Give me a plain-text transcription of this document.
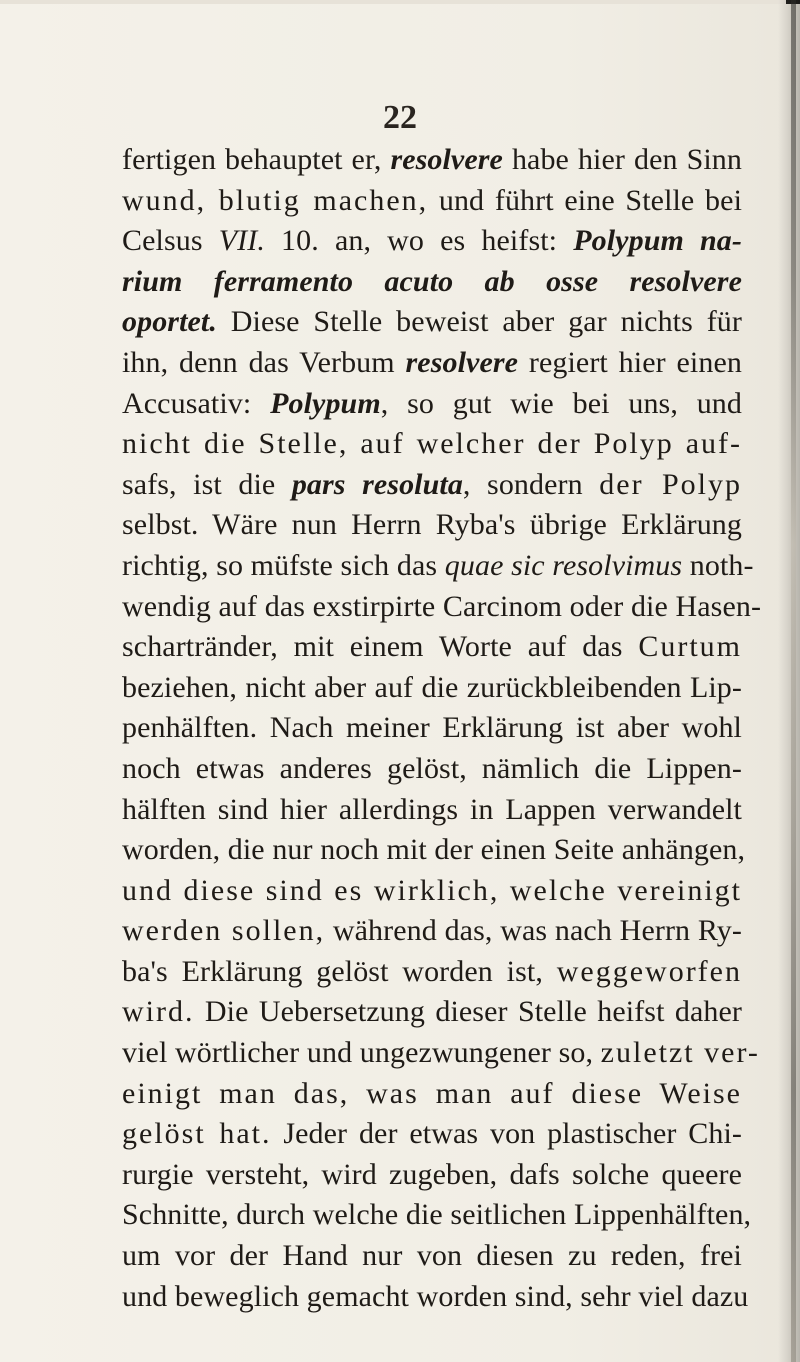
22
fertigen behauptet er, resolvere habe hier den Sinn
wund, blutig machen, und führt eine Stelle bei
Celsus VII. 10. an, wo es heifst: Polypum na-
rium ferramento acuto ab osse resolvere
oportet. Diese Stelle beweist aber gar nichts für
ihn, denn das Verbum resolvere regiert hier einen
Accusativ: Polypum, so gut wie bei uns, und
nicht die Stelle, auf welcher der Polyp auf-
safs, ist die pars resoluta, sondern der Polyp
selbst. Wäre nun Herrn Ryba's übrige Erklärung
richtig, so müfste sich das quae sic resolvimus noth-
wendig auf das exstirpirte Carcinom oder die Hasen-
schartränder, mit einem Worte auf das Curtum
beziehen, nicht aber auf die zurückbleibenden Lip-
penhälften. Nach meiner Erklärung ist aber wohl
noch etwas anderes gelöst, nämlich die Lippen-
hälften sind hier allerdings in Lappen verwandelt
worden, die nur noch mit der einen Seite anhängen,
und diese sind es wirklich, welche vereinigt
werden sollen, während das, was nach Herrn Ry-
ba's Erklärung gelöst worden ist, weggeworfen
wird. Die Uebersetzung dieser Stelle heifst daher
viel wörtlicher und ungezwungener so, zuletzt ver-
einigt man das, was man auf diese Weise
gelöst hat. Jeder der etwas von plastischer Chi-
rurgie versteht, wird zugeben, dafs solche queere
Schnitte, durch welche die seitlichen Lippenhälften,
um vor der Hand nur von diesen zu reden, frei
und beweglich gemacht worden sind, sehr viel dazu
